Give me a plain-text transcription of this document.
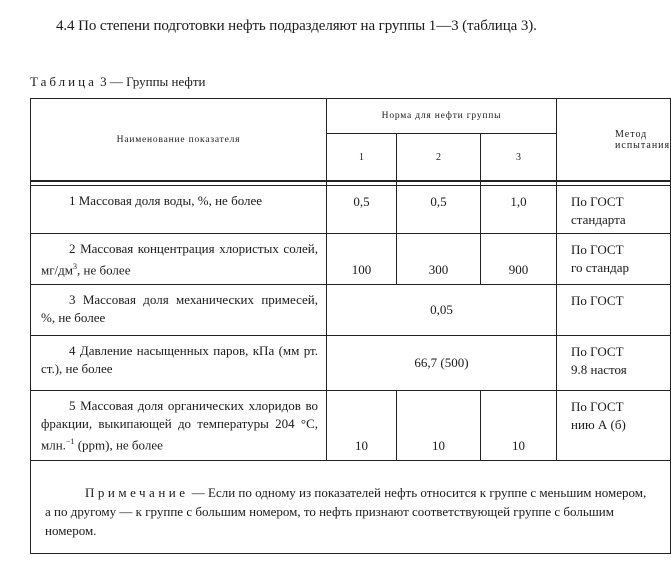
4.4 По степени подготовки нефть подразделяют на группы 1—3 (таблица 3).
Таблица 3 — Группы нефти
Наименование показателя	Норма для нефти группы			Метод испытания
	1	2	3	

1 Массовая доля воды, %, не более	0,5	0,5	1,0	По ГОСТ
стандарта

2 Массовая концентрация хлористых солей, $мг/дм^3$, не более	100	300	900	По ГОСТ
го стандар

3 Массовая доля механических примесей, %, не более	0,05			По ГОСТ

4 Давление насыщенных паров, кПа (мм рт. ст.), не более	66,7 (500)			По ГОСТ
9.8 настоя

5 Массовая доля органических хлоридов во фракции, выкипающей до температуры 204 °С, млн.$^{-1}$ (ppm), не более	10	10	10	По ГОСТ
нию А (б)

Примечание — Если по одному из показателей нефть относится к группе с меньшим номером,
а по другому — к группе с большим номером, то нефть признают соответствующей группе с большим
номером.				
